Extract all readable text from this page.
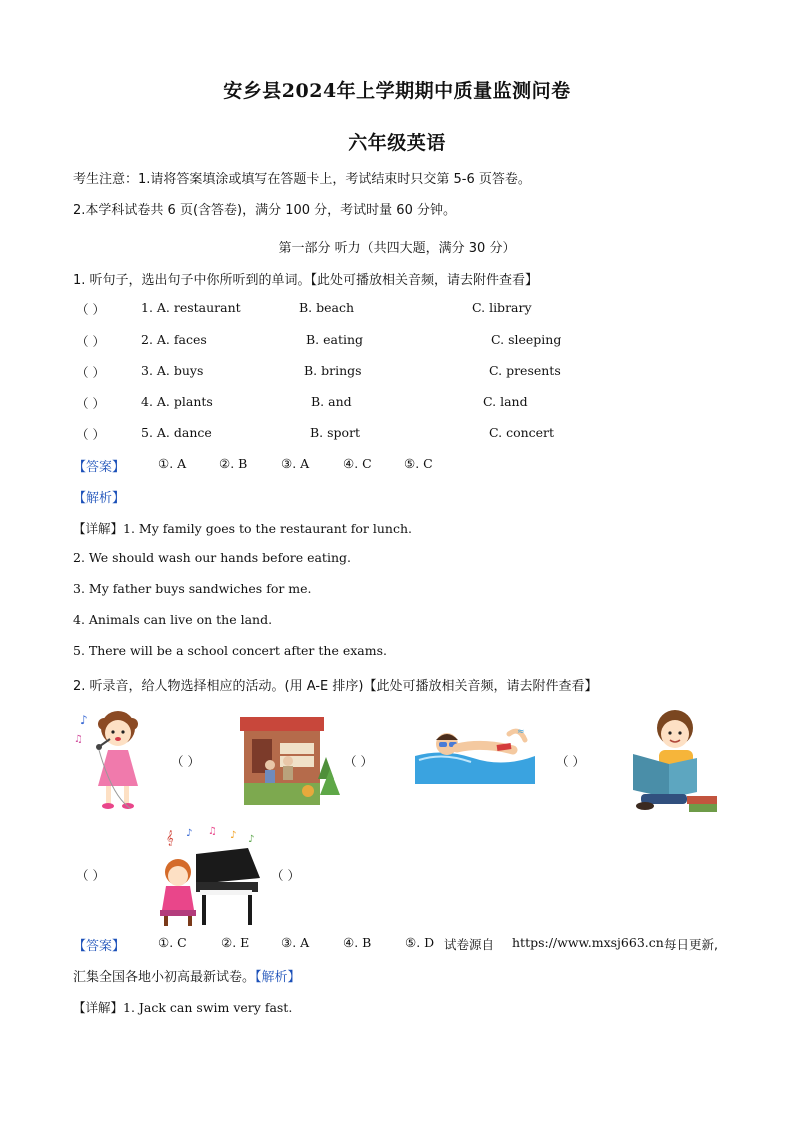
安乡县2024年上学期期中质量监测问卷
六年级英语
考生注意：1.请将答案填涂或填写在答题卡上，考试结束时只交第 5-6 页答卷。
2.本学科试卷共 6 页(含答卷)，满分 100 分，考试时量 60 分钟。
第一部分 听力（共四大题，满分 30 分）
1. 听句子，选出句子中你所听到的单词。【此处可播放相关音频，请去附件查看】
（ ）	1. A. restaurant	B. beach	C. library
（ ）	2. A. faces	B. eating	C. sleeping
（ ）	3. A. buys	B. brings	C. presents
（ ）	4. A. plants	B. and	C. land
（ ）	5. A. dance	B. sport	C. concert
【答案】	①. A	②. B	③. A	④. C	⑤. C
【解析】
【详解】1. My family goes to the restaurant for lunch.
2. We should wash our hands before eating.
3. My father buys sandwiches for me.
4. Animals can live on the land.
5. There will be a school concert after the exams.
2. 听录音，给人物选择相应的活动。(用 A-E 排序)【此处可播放相关音频，请去附件查看】
♪
♫
（ ）	（ ）
≈
（ ）
（ ）
𝄞 ♪ ♫ ♪ ♪
（ ）
【答案】	①. C	②. E	③. A	④. B	⑤. D 试卷源自 https://www.mxsj663.cn 每日更新,
汇集全国各地小初高最新试卷。【解析】
【详解】1. Jack can swim very fast.
